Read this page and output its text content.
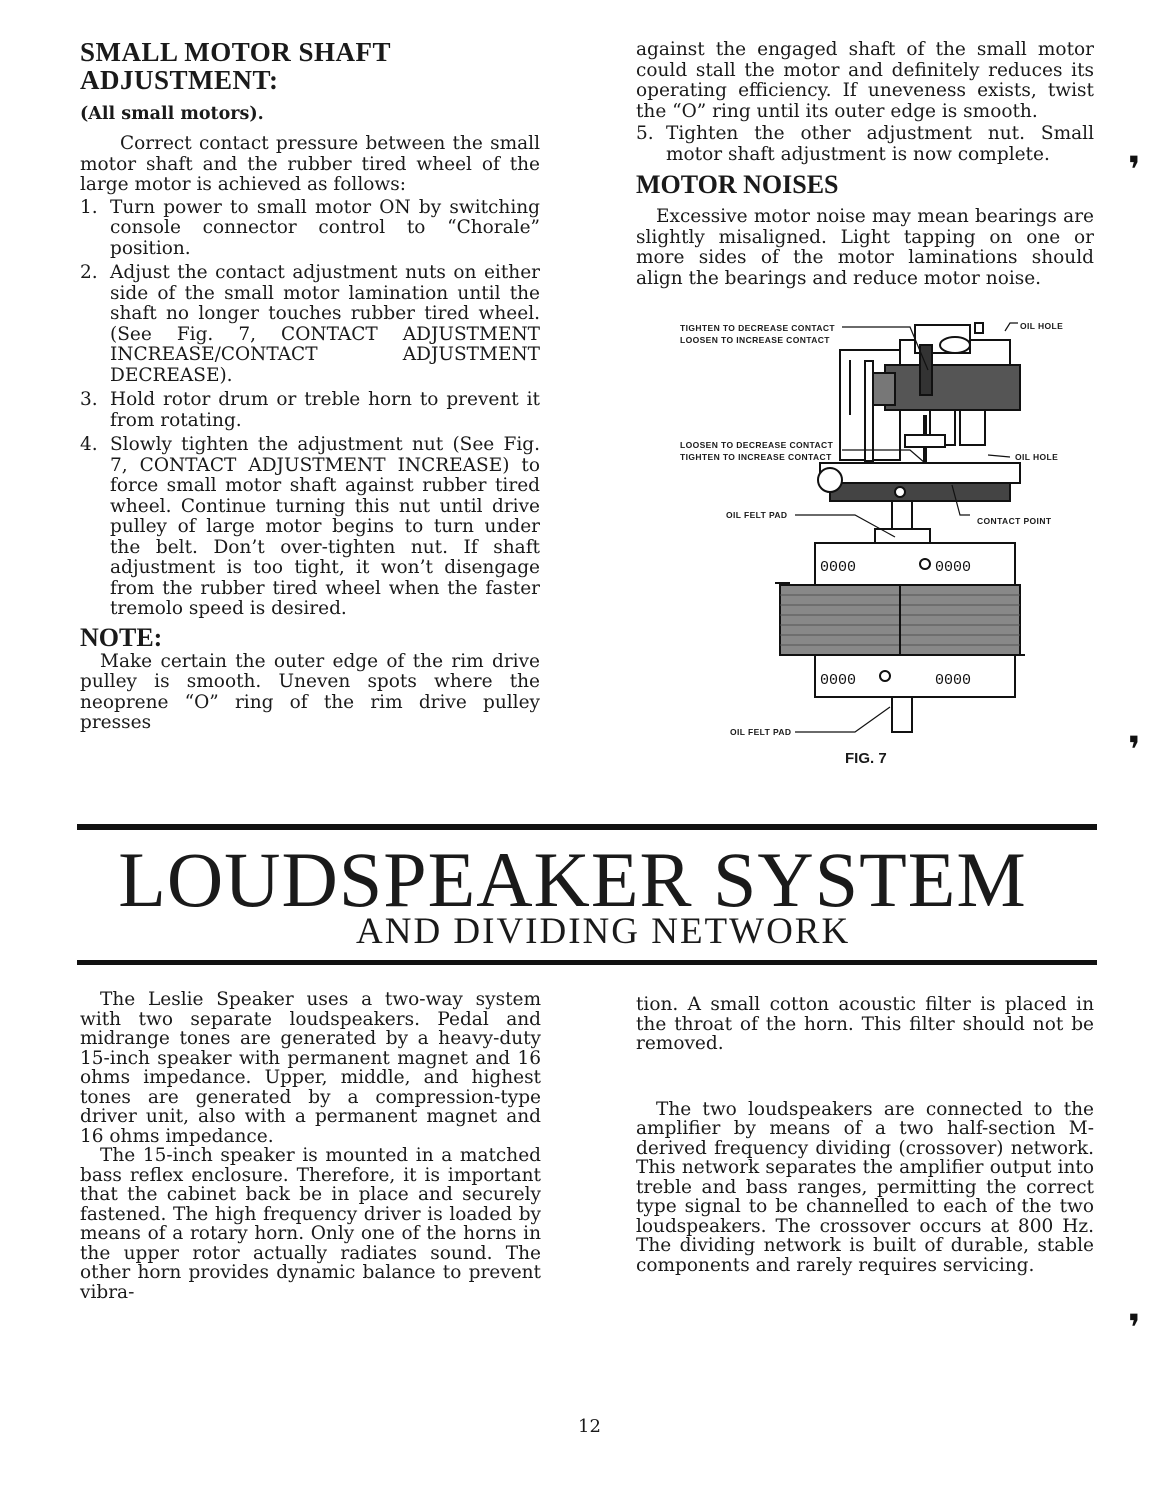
SMALL MOTOR SHAFT
ADJUSTMENT:
(All small motors).

Correct contact pressure between the small motor shaft and the rubber tired wheel of the large motor is achieved as follows:

1. Turn power to small motor ON by switching console connector control to “Chorale” position.
2. Adjust the contact adjustment nuts on either side of the small motor lamination until the shaft no longer touches rubber tired wheel. (See Fig. 7, CONTACT ADJUSTMENT INCREASE/CONTACT ADJUSTMENT DECREASE).
3. Hold rotor drum or treble horn to prevent it from rotating.
4. Slowly tighten the adjustment nut (See Fig. 7, CONTACT ADJUSTMENT INCREASE) to force small motor shaft against rubber tired wheel. Continue turning this nut until drive pulley of large motor begins to turn under the belt. Don’t over-tighten nut. If shaft adjustment is too tight, it won’t disengage from the rubber tired wheel when the faster tremolo speed is desired.
NOTE:

Make certain the outer edge of the rim drive pulley is smooth. Uneven spots where the neoprene “O” ring of the rim drive pulley presses

against the engaged shaft of the small motor could stall the motor and definitely reduces its operating efficiency. If uneveness exists, twist the “O” ring until its outer edge is smooth.

5. Tighten the other adjustment nut. Small motor shaft adjustment is now complete.
MOTOR NOISES

Excessive motor noise may mean bearings are slightly misaligned. Light tapping on one or more sides of the motor laminations should align the bearings and reduce motor noise.

0000	0000
0000	0000
TIGHTEN TO DECREASE CONTACT
LOOSEN TO INCREASE CONTACT
OIL HOLE
LOOSEN TO DECREASE CONTACT
TIGHTEN TO INCREASE CONTACT	OIL HOLE
OIL FELT PAD
CONTACT POINT
OIL FELT PAD
FIG. 7
❜
❜
❜
LOUDSPEAKER SYSTEM
AND DIVIDING NETWORK

The Leslie Speaker uses a two-way system with two separate loudspeakers. Pedal and midrange tones are generated by a heavy-duty 15-inch speaker with permanent magnet and 16 ohms impedance. Upper, middle, and highest tones are generated by a compression-type driver unit, also with a permanent magnet and 16 ohms impedance.

The 15-inch speaker is mounted in a matched bass reflex enclosure. Therefore, it is important that the cabinet back be in place and securely fastened. The high frequency driver is loaded by means of a rotary horn. Only one of the horns in the upper rotor actually radiates sound. The other horn provides dynamic balance to prevent vibra-

tion. A small cotton acoustic filter is placed in the throat of the horn. This filter should not be removed.

The two loudspeakers are connected to the amplifier by means of a two half-section M-derived frequency dividing (crossover) network. This network separates the amplifier output into treble and bass ranges, permitting the correct type signal to be channelled to each of the two loudspeakers. The crossover occurs at 800 Hz. The dividing network is built of durable, stable components and rarely requires servicing.

12
